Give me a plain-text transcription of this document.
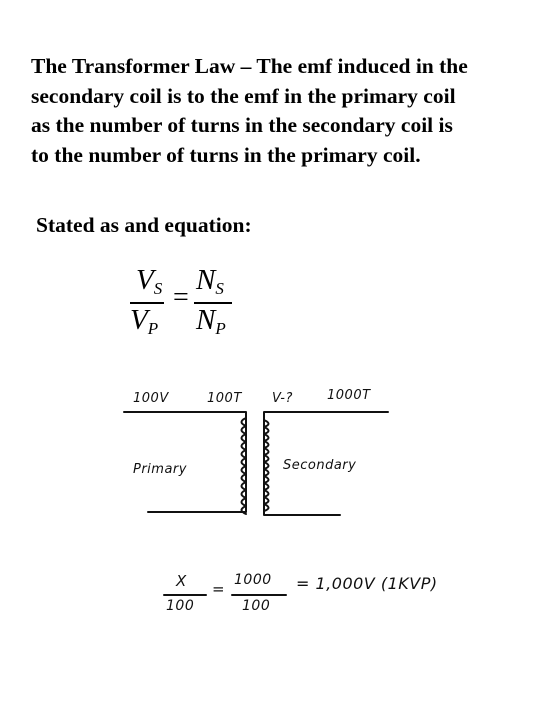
The Transformer Law – The emf induced in the
secondary coil is to the emf in the primary coil
as the number of turns in the secondary coil is
to the number of turns in the primary coil.
Stated as and equation:
$V_S$ $N_S$
=
$V_P$ $N_P$
100V	100T V-?	1000T
Primary	Secondary
X
100
= 1000
100
= 1,000V (1KVP)
